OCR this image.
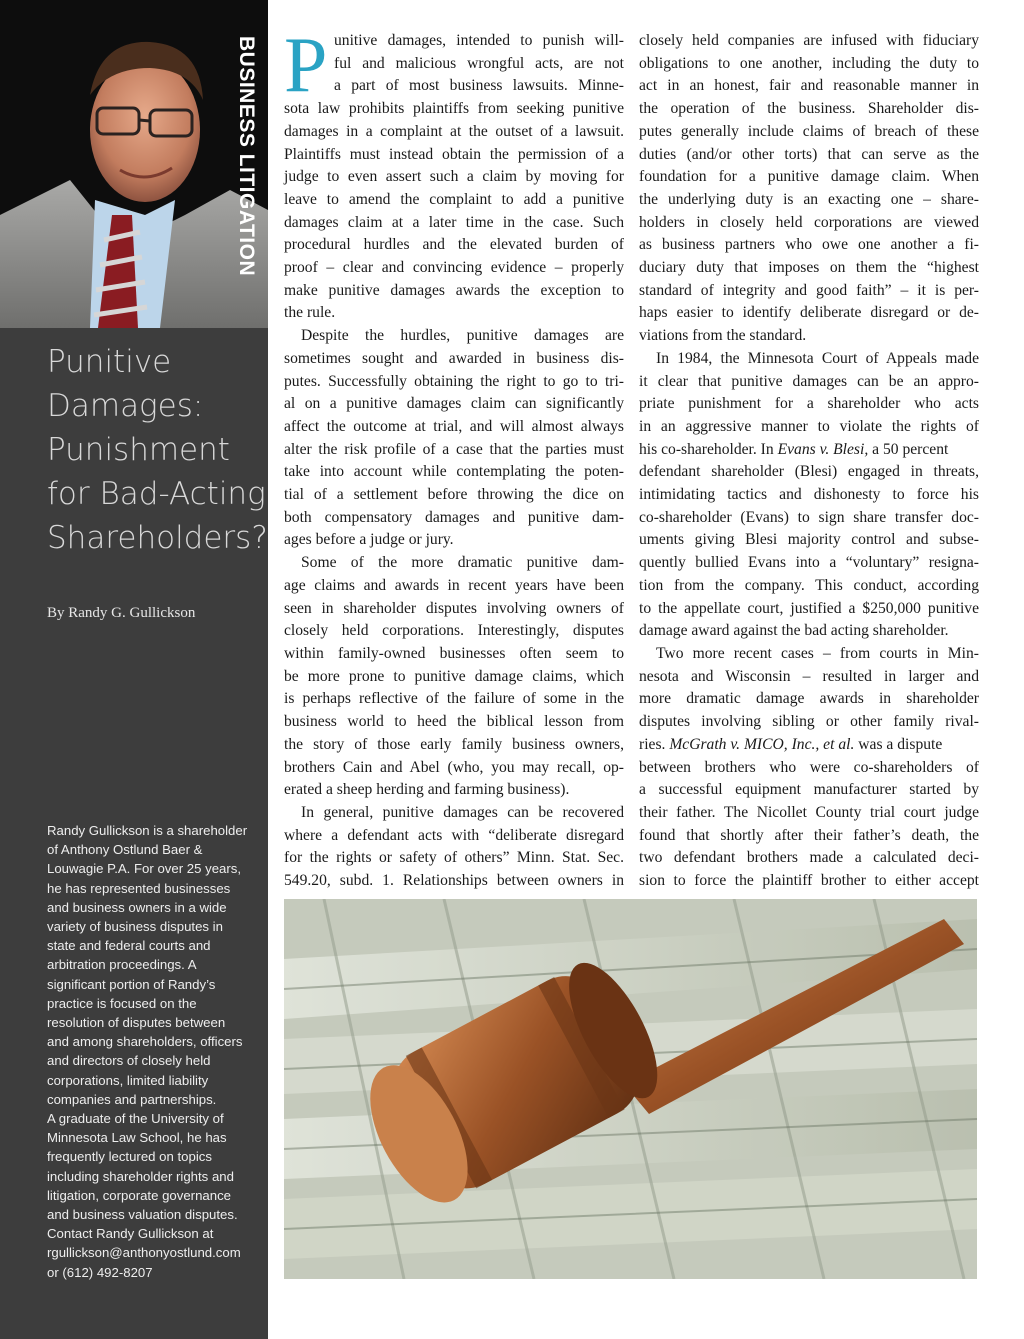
BUSINESS LITIGATION
Punitive
Damages:
Punishment
for Bad-Acting
Shareholders?
By Randy G. Gullickson
Randy Gullickson is a shareholder
of Anthony Ostlund Baer &
Louwagie P.A. For over 25 years,
he has represented businesses
and business owners in a wide
variety of business disputes in
state and federal courts and
arbitration proceedings. A
significant portion of Randy’s
practice is focused on the
resolution of disputes between
and among shareholders, officers
and directors of closely held
corporations, limited liability
companies and partnerships.
A graduate of the University of
Minnesota Law School, he has
frequently lectured on topics
including shareholder rights and
litigation, corporate governance
and business valuation disputes.
Contact Randy Gullickson at
rgullickson@anthonyostlund.com
or (612) 492-8207
P unitive damages, intended to punish will-
ful and malicious wrongful acts, are not
a part of most business lawsuits. Minne-
sota law prohibits plaintiffs from seeking punitive
damages in a complaint at the outset of a lawsuit.
Plaintiffs must instead obtain the permission of a
judge to even assert such a claim by moving for
leave to amend the complaint to add a punitive
damages claim at a later time in the case. Such
procedural hurdles and the elevated burden of
proof – clear and convincing evidence – properly
make punitive damages awards the exception to
the rule.
Despite the hurdles, punitive damages are
sometimes sought and awarded in business dis-
putes. Successfully obtaining the right to go to tri-
al on a punitive damages claim can significantly
affect the outcome at trial, and will almost always
alter the risk profile of a case that the parties must
take into account while contemplating the poten-
tial of a settlement before throwing the dice on
both compensatory damages and punitive dam-
ages before a judge or jury.
Some of the more dramatic punitive dam-
age claims and awards in recent years have been
seen in shareholder disputes involving owners of
closely held corporations. Interestingly, disputes
within family-owned businesses often seem to
be more prone to punitive damage claims, which
is perhaps reflective of the failure of some in the
business world to heed the biblical lesson from
the story of those early family business owners,
brothers Cain and Abel (who, you may recall, op-
erated a sheep herding and farming business).
In general, punitive damages can be recovered
where a defendant acts with “deliberate disregard
for the rights or safety of others” Minn. Stat. Sec.
549.20, subd. 1. Relationships between owners in
closely held companies are infused with fiduciary
obligations to one another, including the duty to
act in an honest, fair and reasonable manner in
the operation of the business. Shareholder dis-
putes generally include claims of breach of these
duties (and/or other torts) that can serve as the
foundation for a punitive damage claim. When
the underlying duty is an exacting one – share-
holders in closely held corporations are viewed
as business partners who owe one another a fi-
duciary duty that imposes on them the “highest
standard of integrity and good faith” – it is per-
haps easier to identify deliberate disregard or de-
viations from the standard.
In 1984, the Minnesota Court of Appeals made
it clear that punitive damages can be an appro-
priate punishment for a shareholder who acts
in an aggressive manner to violate the rights of
his co-shareholder. In Evans v. Blesi, a 50 percent
defendant shareholder (Blesi) engaged in threats,
intimidating tactics and dishonesty to force his
co-shareholder (Evans) to sign share transfer doc-
uments giving Blesi majority control and subse-
quently bullied Evans into a “voluntary” resigna-
tion from the company. This conduct, according
to the appellate court, justified a $250,000 punitive
damage award against the bad acting shareholder.
Two more recent cases – from courts in Min-
nesota and Wisconsin – resulted in larger and
more dramatic damage awards in shareholder
disputes involving sibling or other family rival-
ries. McGrath v. MICO, Inc., et al. was a dispute
between brothers who were co-shareholders of
a successful equipment manufacturer started by
their father. The Nicollet County trial court judge
found that shortly after their father’s death, the
two defendant brothers made a calculated deci-
sion to force the plaintiff brother to either accept
